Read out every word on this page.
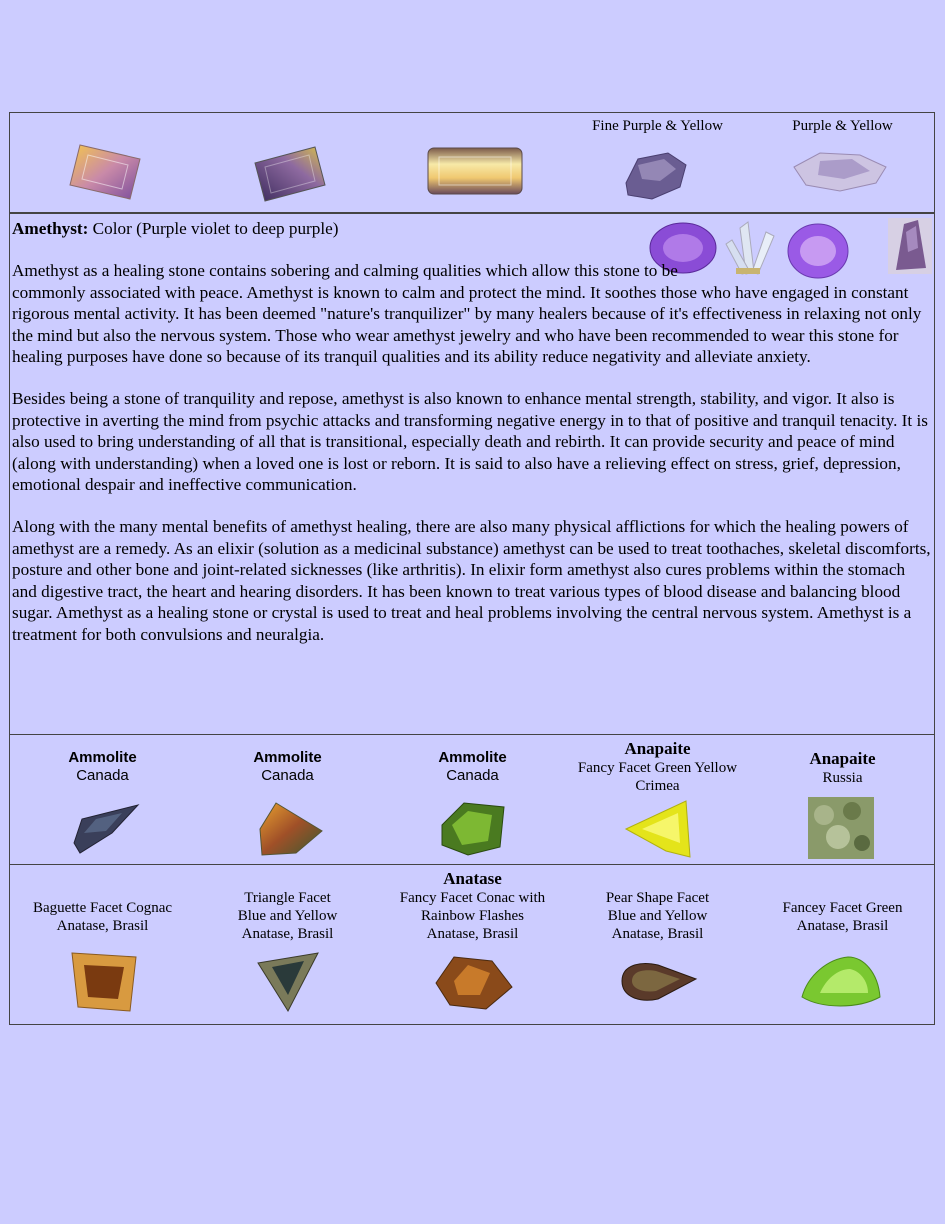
Fine Purple & Yellow	Purple & Yellow
Amethyst: Color (Purple violet to deep purple)

Amethyst as a healing stone contains sobering and calming qualities which allow this stone to be commonly associated with peace. Amethyst is known to calm and protect the mind. It soothes those who have engaged in constant rigorous mental activity. It has been deemed "nature's tranquilizer" by many healers because of it's effectiveness in relaxing not only the mind but also the nervous system. Those who wear amethyst jewelry and who have been recommended to wear this stone for healing purposes have done so because of its tranquil qualities and its ability reduce negativity and alleviate anxiety.

Besides being a stone of tranquility and repose, amethyst is also known to enhance mental strength, stability, and vigor. It also is protective in averting the mind from psychic attacks and transforming negative energy in to that of positive and tranquil tenacity. It is also used to bring understanding of all that is transitional, especially death and rebirth. It can provide security and peace of mind (along with understanding) when a loved one is lost or reborn. It is said to also have a relieving effect on stress, grief, depression, emotional despair and ineffective communication.

Along with the many mental benefits of amethyst healing, there are also many physical afflictions for which the healing powers of amethyst are a remedy. As an elixir (solution as a medicinal substance) amethyst can be used to treat toothaches, skeletal discomforts, posture and other bone and joint-related sicknesses (like arthritis). In elixir form amethyst also cures problems within the stomach and digestive tract, the heart and hearing disorders. It has been known to treat various types of blood disease and balancing blood sugar. Amethyst as a healing stone or crystal is used to treat and heal problems involving the central nervous system. Amethyst is a treatment for both convulsions and neuralgia.

Ammolite
Canada
Ammolite
Canada
Ammolite
Canada
Anapaite
Fancy Facet Green Yellow
Crimea
Anapaite
Russia
Anatase
Baguette Facet Cognac
Anatase, Brasil
Triangle Facet
Blue and Yellow
Anatase, Brasil
Fancy Facet Conac with
Rainbow Flashes
Anatase, Brasil
Pear Shape Facet
Blue and Yellow
Anatase, Brasil
Fancey Facet Green
Anatase, Brasil
